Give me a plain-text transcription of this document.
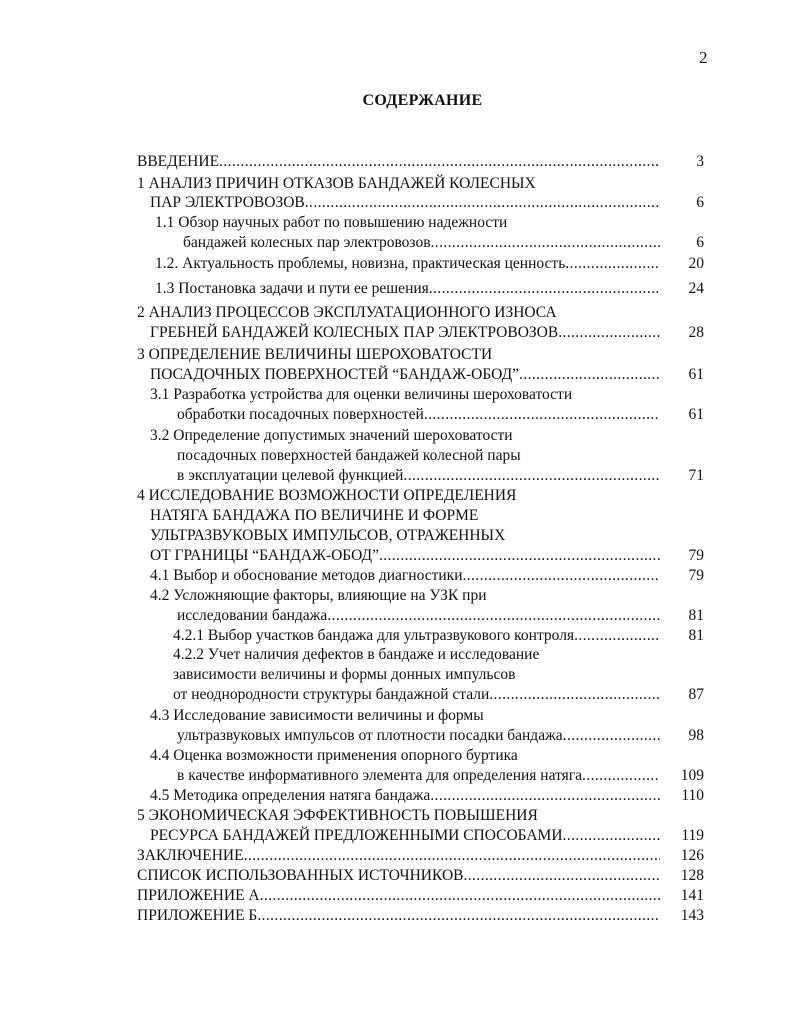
2
СОДЕРЖАНИЕ
ВВЕДЕНИЕ .....	3
1 АНАЛИЗ ПРИЧИН ОТКАЗОВ БАНДАЖЕЙ КОЛЕСНЫХ
ПАР ЭЛЕКТРОВОЗОВ .....	6
1.1 Обзор научных работ по повышению надежности
бандажей колесных пар электровозов .....	6
1.2. Актуальность проблемы, новизна, практическая ценность .....	20
1.3 Постановка задачи и пути ее решения .....	24
2 АНАЛИЗ ПРОЦЕССОВ ЭКСПЛУАТАЦИОННОГО ИЗНОСА
ГРЕБНЕЙ БАНДАЖЕЙ КОЛЕСНЫХ ПАР ЭЛЕКТРОВОЗОВ .....	28
3 ОПРЕДЕЛЕНИЕ ВЕЛИЧИНЫ ШЕРОХОВАТОСТИ
ПОСАДОЧНЫХ ПОВЕРХНОСТЕЙ “БАНДАЖ-ОБОД” .....	61
3.1 Разработка устройства для оценки величины шероховатости
обработки посадочных поверхностей .....	61
3.2 Определение допустимых значений шероховатости
посадочных поверхностей бандажей колесной пары
в эксплуатации целевой функцией .....	71
4 ИССЛЕДОВАНИЕ ВОЗМОЖНОСТИ ОПРЕДЕЛЕНИЯ
НАТЯГА БАНДАЖА ПО ВЕЛИЧИНЕ И ФОРМЕ
УЛЬТРАЗВУКОВЫХ ИМПУЛЬСОВ, ОТРАЖЕННЫХ
ОТ ГРАНИЦЫ “БАНДАЖ-ОБОД” .....	79
4.1 Выбор и обоснование методов диагностики .....	79
4.2 Усложняющие факторы, влияющие на УЗК при
исследовании бандажа .....	81
4.2.1 Выбор участков бандажа для ультразвукового контроля .....	81
4.2.2 Учет наличия дефектов в бандаже и исследование
зависимости величины и формы донных импульсов
от неоднородности структуры бандажной стали .....	87
4.3 Исследование зависимости величины и формы
ультразвуковых импульсов от плотности посадки бандажа .....	98
4.4 Оценка возможности применения опорного буртика
в качестве информативного элемента для определения натяга .....	109
4.5 Методика определения натяга бандажа .....	110
5 ЭКОНОМИЧЕСКАЯ ЭФФЕКТИВНОСТЬ ПОВЫШЕНИЯ
РЕСУРСА БАНДАЖЕЙ ПРЕДЛОЖЕННЫМИ СПОСОБАМИ .....	119
ЗАКЛЮЧЕНИЕ .....	126
СПИСОК ИСПОЛЬЗОВАННЫХ ИСТОЧНИКОВ .....	128
ПРИЛОЖЕНИЕ А .....	141
ПРИЛОЖЕНИЕ Б .....	143
